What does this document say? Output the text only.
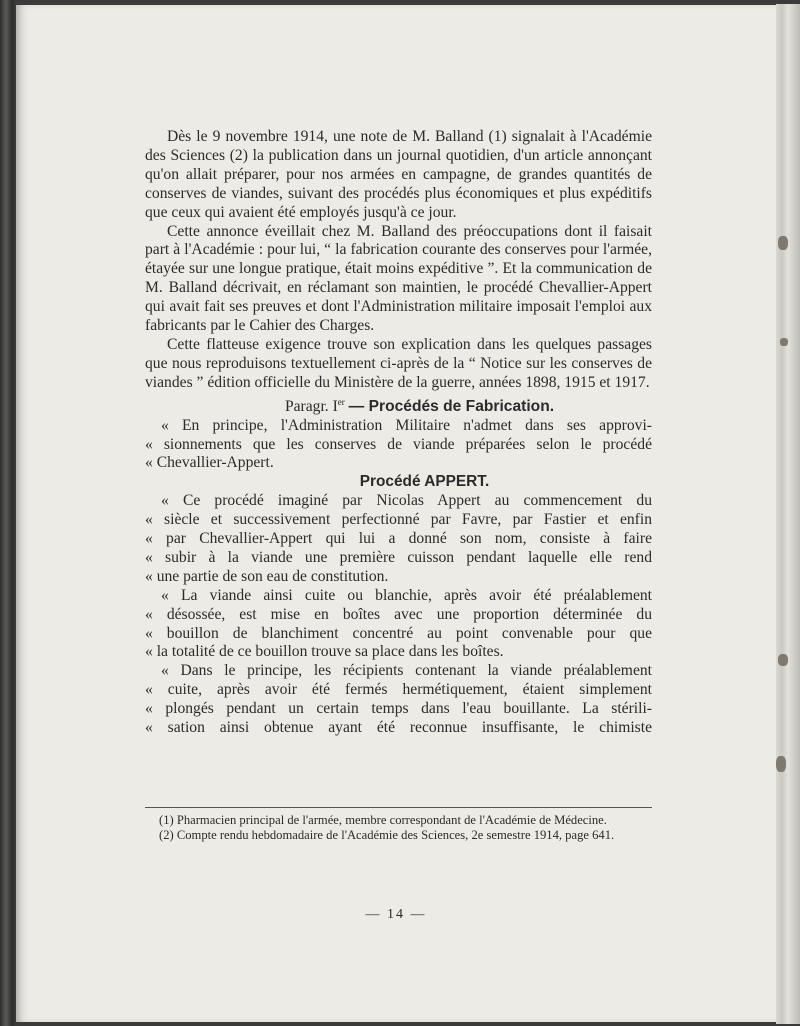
Dès le 9 novembre 1914, une note de M. Balland (1) signalait à l'Académie des Sciences (2) la publication dans un journal quotidien, d'un article annonçant qu'on allait préparer, pour nos armées en campagne, de grandes quantités de conserves de viandes, suivant des procédés plus économiques et plus expéditifs que ceux qui avaient été employés jusqu'à ce jour.

Cette annonce éveillait chez M. Balland des préoccupations dont il faisait part à l'Académie : pour lui, “ la fabrication courante des conserves pour l'armée, étayée sur une longue pratique, était moins expéditive ”. Et la communication de M. Balland décrivait, en réclamant son maintien, le procédé Chevallier-Appert qui avait fait ses preuves et dont l'Administration militaire imposait l'emploi aux fabricants par le Cahier des Charges.

Cette flatteuse exigence trouve son explication dans les quelques passages que nous reproduisons textuellement ci-après de la “ Notice sur les conserves de viandes ” édition officielle du Ministère de la guerre, années 1898, 1915 et 1917.

Paragr. Ier — Procédés de Fabrication.

« En principe, l'Administration Militaire n'admet dans ses approvi-
« sionnements que les conserves de viande préparées selon le procédé
« Chevallier-Appert.

Procédé APPERT.

« Ce procédé imaginé par Nicolas Appert au commencement du
« siècle et successivement perfectionné par Favre, par Fastier et enfin
« par Chevallier-Appert qui lui a donné son nom, consiste à faire
« subir à la viande une première cuisson pendant laquelle elle rend
« une partie de son eau de constitution.
« La viande ainsi cuite ou blanchie, après avoir été préalablement
« désossée, est mise en boîtes avec une proportion déterminée du
« bouillon de blanchiment concentré au point convenable pour que
« la totalité de ce bouillon trouve sa place dans les boîtes.
« Dans le principe, les récipients contenant la viande préalablement
« cuite, après avoir été fermés hermétiquement, étaient simplement
« plongés pendant un certain temps dans l'eau bouillante. La stérili-
« sation ainsi obtenue ayant été reconnue insuffisante, le chimiste

(1) Pharmacien principal de l'armée, membre correspondant de l'Académie de Médecine.

(2) Compte rendu hebdomadaire de l'Académie des Sciences, 2e semestre 1914, page 641.

— 14 —
